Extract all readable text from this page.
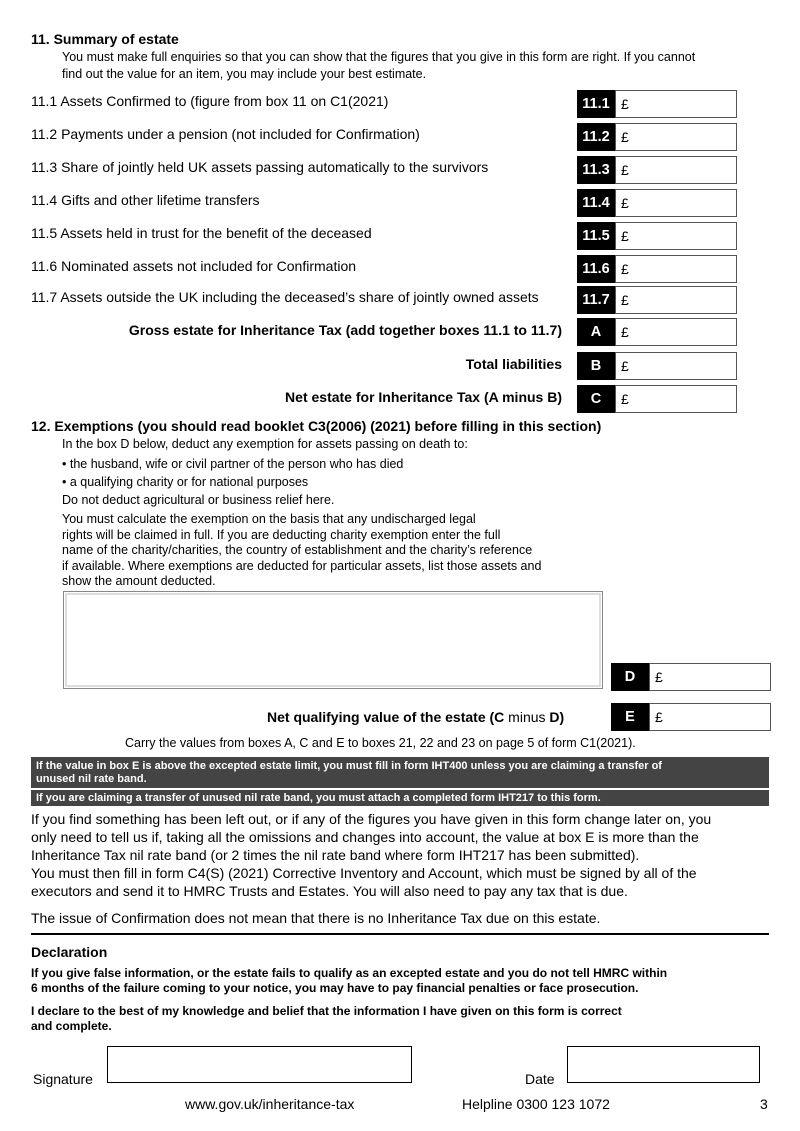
11. Summary of estate
You must make full enquiries so that you can show that the figures that you give in this form are right. If you cannot
find out the value for an item, you may include your best estimate.
11.1 Assets Confirmed to (figure from box 11 on C1(2021)	11.1 £
11.2 Payments under a pension (not included for Confirmation)	11.2 £
11.3 Share of jointly held UK assets passing automatically to the survivors	11.3 £
11.4 Gifts and other lifetime transfers	11.4 £
11.5 Assets held in trust for the benefit of the deceased	11.5 £
11.6 Nominated assets not included for Confirmation	11.6 £
11.7 Assets outside the UK including the deceased’s share of jointly owned assets	11.7 £
Gross estate for Inheritance Tax (add together boxes 11.1 to 11.7)	A	£
Total liabilities	B	£
Net estate for Inheritance Tax (A minus B)	C	£
12. Exemptions (you should read booklet C3(2006) (2021) before filling in this section)
In the box D below, deduct any exemption for assets passing on death to:
• the husband, wife or civil partner of the person who has died
• a qualifying charity or for national purposes
Do not deduct agricultural or business relief here.
You must calculate the exemption on the basis that any undischarged legal
rights will be claimed in full. If you are deducting charity exemption enter the full
name of the charity/charities, the country of establishment and the charity’s reference
if available. Where exemptions are deducted for particular assets, list those assets and
show the amount deducted.
D	£
Net qualifying value of the estate (C minus D)	E	£
Carry the values from boxes A, C and E to boxes 21, 22 and 23 on page 5 of form C1(2021).
If the value in box E is above the excepted estate limit, you must fill in form IHT400 unless you are claiming a transfer of
unused nil rate band.
If you are claiming a transfer of unused nil rate band, you must attach a completed form IHT217 to this form.
If you find something has been left out, or if any of the figures you have given in this form change later on, you
only need to tell us if, taking all the omissions and changes into account, the value at box E is more than the
Inheritance Tax nil rate band (or 2 times the nil rate band where form IHT217 has been submitted).
You must then fill in form C4(S) (2021) Corrective Inventory and Account, which must be signed by all of the
executors and send it to HMRC Trusts and Estates. You will also need to pay any tax that is due.
The issue of Confirmation does not mean that there is no Inheritance Tax due on this estate.
Declaration
If you give false information, or the estate fails to qualify as an excepted estate and you do not tell HMRC within
6 months of the failure coming to your notice, you may have to pay financial penalties or face prosecution.
I declare to the best of my knowledge and belief that the information I have given on this form is correct
and complete.
Signature	Date
www.gov.uk/inheritance-tax	Helpline 0300 123 1072	3
